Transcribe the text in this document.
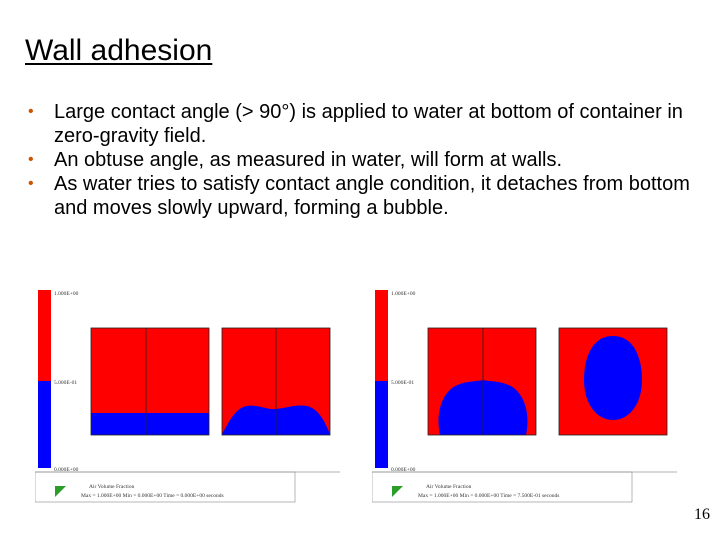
Wall adhesion
• Large contact angle (> 90°) is applied to water at bottom of container in zero-gravity field.
• An obtuse angle, as measured in water, will form at walls.
• As water tries to satisfy contact angle condition, it detaches from bottom and moves slowly upward, forming a bubble.
1.000E+00
5.000E-01
0.000E+00
Air Volume Fraction
Max = 1.000E+00 Min = 0.000E+00 Time = 0.000E+00 seconds
1.000E+00
5.000E-01
0.000E+00
Air Volume Fraction
Max = 1.000E+00 Min = 0.000E+00 Time = 7.500E-01 seconds
16
